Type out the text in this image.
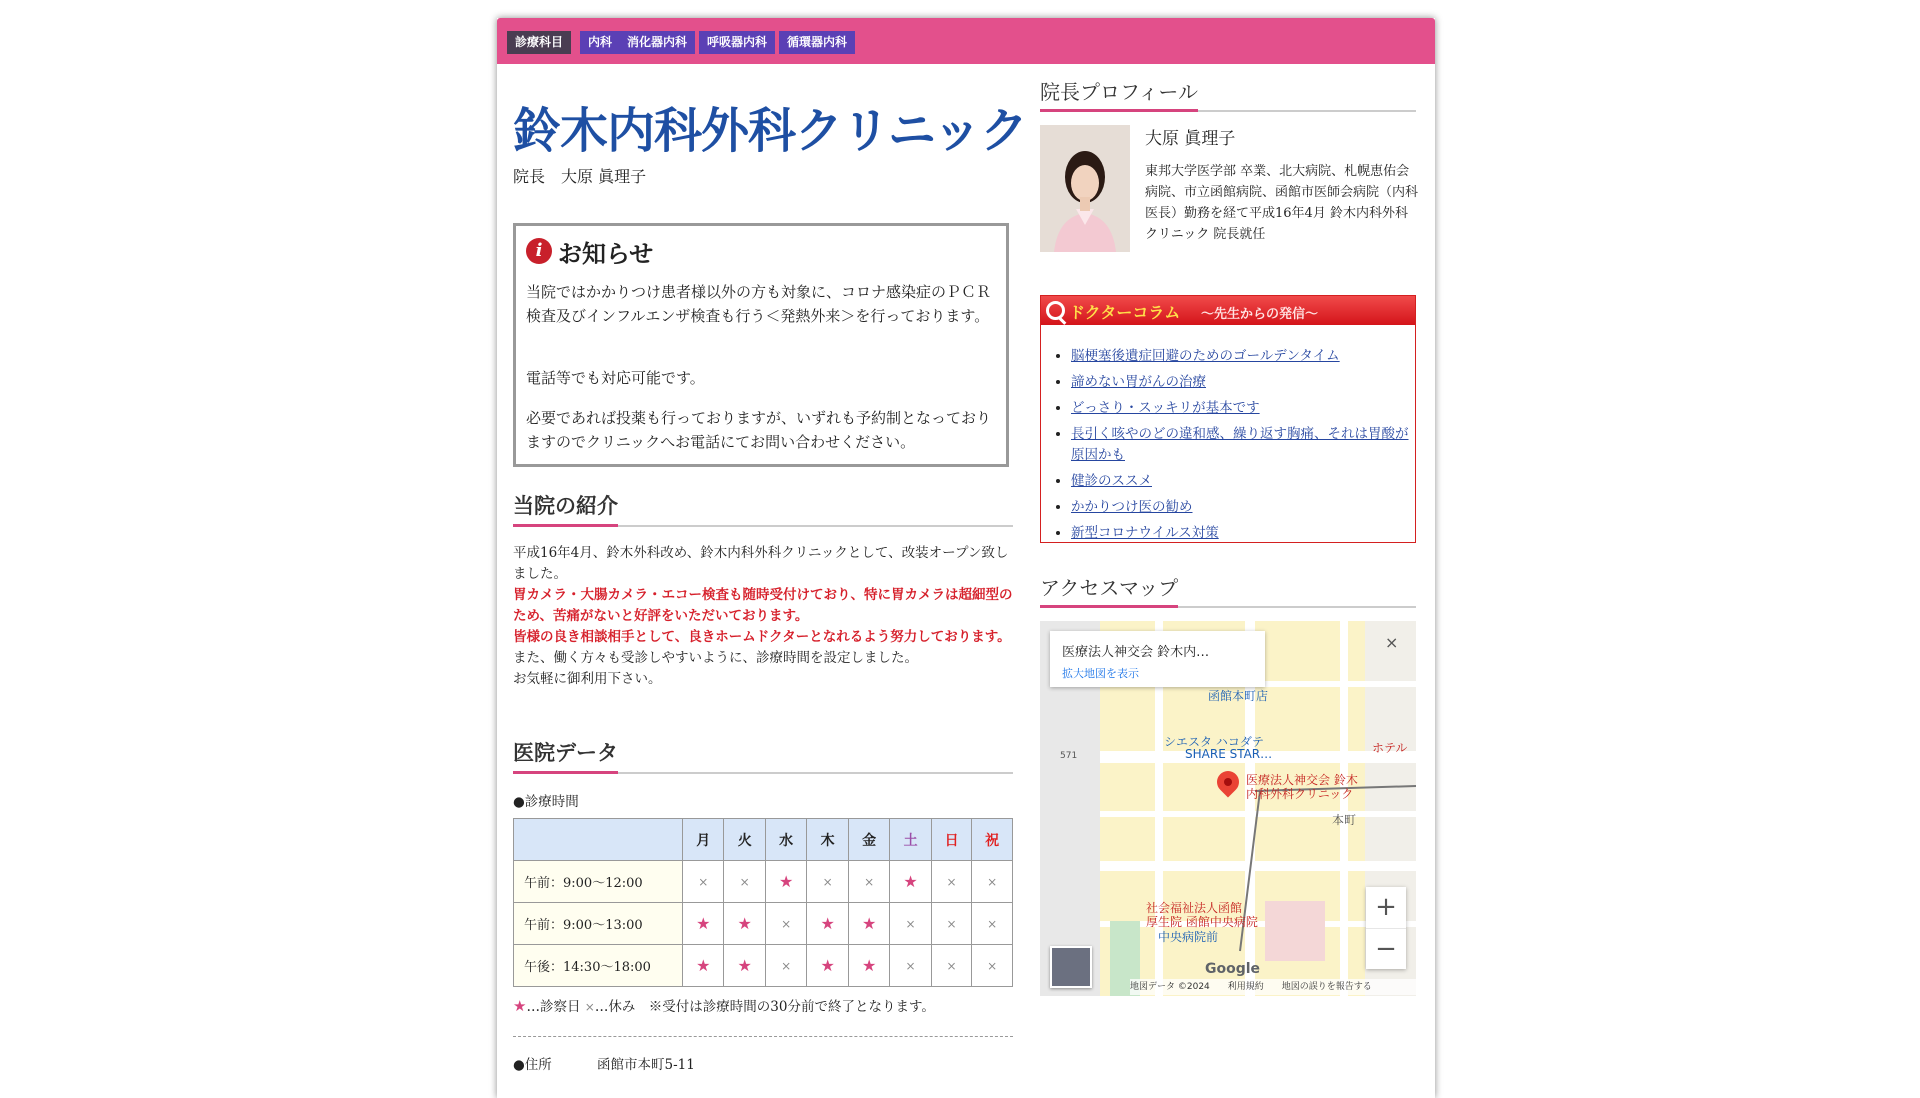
診療科目	内科	消化器内科	呼吸器内科	循環器内科
鈴木内科外科クリニック
院長　大原 眞理子
i お知らせ

当院ではかかりつけ患者様以外の方も対象に、コロナ感染症のＰＣＲ検査及びインフルエンザ検査も行う＜発熱外来＞を行っております。

電話等でも対応可能です。

必要であれば投薬も行っておりますが、いずれも予約制となっておりますのでクリニックへお電話にてお問い合わせください。

当院の紹介
平成16年4月、鈴木外科改め、鈴木内科外科クリニックとして、改装オープン致しました。
胃カメラ・大腸カメラ・エコー検査も随時受付けており、特に胃カメラは超細型のため、苦痛がないと好評をいただいております。
皆様の良き相談相手として、良きホームドクターとなれるよう努力しております。
また、働く方々も受診しやすいように、診療時間を設定しました。
お気軽に御利用下さい。
医院データ
●診療時間
	月	火	水	木	金	土	日	祝
午前：9:00〜12:00	×	×	★	×	×	★	×	×
午前：9:00〜13:00	★	★	×	★	★	×	×	×
午後：14:30〜18:00	★	★	×	★	★	×	×	×
★…診察日 ×…休み　※受付は診療時間の30分前で終了となります。
●住所	函館市本町5-11
院長プロフィール
大原 眞理子
東邦大学医学部 卒業、北大病院、札幌恵佑会病院、市立函館病院、函館市医師会病院（内科医長）勤務を経て平成16年4月 鈴木内科外科クリニック 院長就任
ドクターコラム 〜先生からの発信〜
• 脳梗塞後遺症回避のためのゴールデンタイム
• 諦めない胃がんの治療
• どっさり・スッキリが基本です
• 長引く咳やのどの違和感、繰り返す胸痛、それは胃酸が原因かも
• 健診のススメ
• かかりつけ医の勧め
• 新型コロナウイルス対策
アクセスマップ
医療法人神交会 鈴木内…
拡大地図を表示
×
函館本町店
シエスタ ハコダテ
SHARE STAR…	ホテル
571
医療法人神交会 鈴木
内科外科クリニック
本町
社会福祉法人函館
厚生院 函館中央病院
中央病院前
+
−
Google
地図データ ©2024　　利用規約　　地図の誤りを報告する
